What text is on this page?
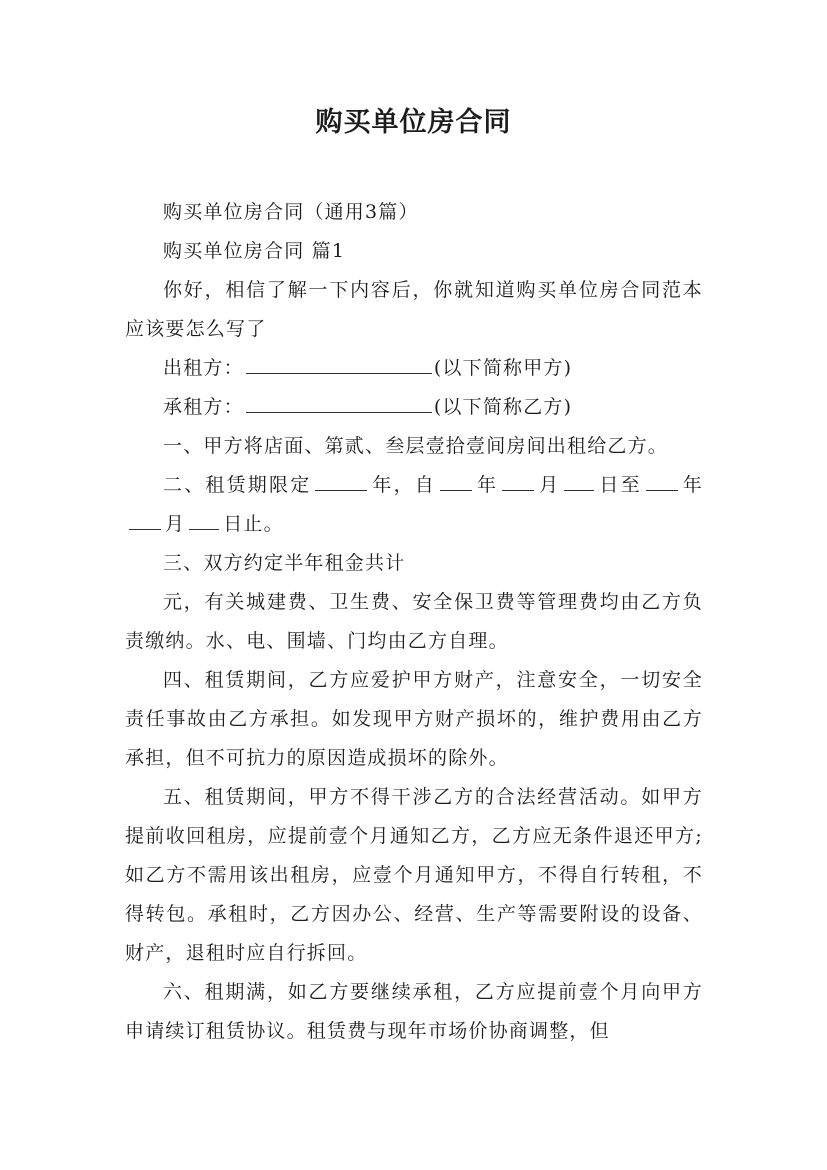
购买单位房合同

购买单位房合同（通用3篇）

购买单位房合同 篇1

你好，相信了解一下内容后，你就知道购买单位房合同范本应该要怎么写了

出租方：	(以下简称甲方)

承租方：	(以下简称乙方)

一、甲方将店面、第贰、叁层壹拾壹间房间出租给乙方。

二、租赁期限定	年，自 年 月 日至 年月 日止。

三、双方约定半年租金共计

元，有关城建费、卫生费、安全保卫费等管理费均由乙方负责缴纳。水、电、围墙、门均由乙方自理。

四、租赁期间，乙方应爱护甲方财产，注意安全，一切安全责任事故由乙方承担。如发现甲方财产损坏的，维护费用由乙方承担，但不可抗力的原因造成损坏的除外。

五、租赁期间，甲方不得干涉乙方的合法经营活动。如甲方提前收回租房，应提前壹个月通知乙方，乙方应无条件退还甲方;如乙方不需用该出租房，应壹个月通知甲方，不得自行转租，不得转包。承租时，乙方因办公、经营、生产等需要附设的设备、财产，退租时应自行拆回。

六、租期满，如乙方要继续承租，乙方应提前壹个月向甲方申请续订租赁协议。租赁费与现年市场价协商调整，但
